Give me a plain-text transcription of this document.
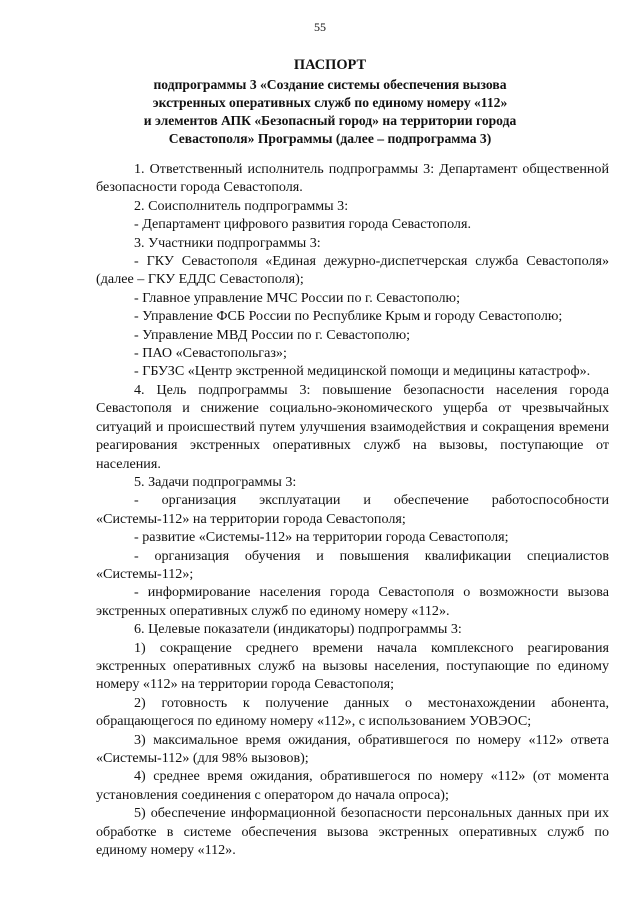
55
ПАСПОРТ
подпрограммы 3 «Создание системы обеспечения вызова
экстренных оперативных служб по единому номеру «112»
и элементов АПК «Безопасный город» на территории города
Севастополя» Программы (далее – подпрограмма 3)

1. Ответственный исполнитель подпрограммы 3: Департамент общественной безопасности города Севастополя.

2. Соисполнитель подпрограммы 3:

- Департамент цифрового развития города Севастополя.

3. Участники подпрограммы 3:

- ГКУ Севастополя «Единая дежурно-диспетчерская служба Севастополя» (далее – ГКУ ЕДДС Севастополя);

- Главное управление МЧС России по г. Севастополю;

- Управление ФСБ России по Республике Крым и городу Севастополю;

- Управление МВД России по г. Севастополю;

- ПАО «Севастопольгаз»;

- ГБУЗС «Центр экстренной медицинской помощи и медицины катастроф».

4. Цель подпрограммы 3: повышение безопасности населения города Севастополя и снижение социально-экономического ущерба от чрезвычайных ситуаций и происшествий путем улучшения взаимодействия и сокращения времени реагирования экстренных оперативных служб на вызовы, поступающие от населения.

5. Задачи подпрограммы 3:

- организация эксплуатации и обеспечение работоспособности «Системы-112» на территории города Севастополя;

- развитие «Системы-112» на территории города Севастополя;

- организация обучения и повышения квалификации специалистов «Системы-112»;

- информирование населения города Севастополя о возможности вызова экстренных оперативных служб по единому номеру «112».

6. Целевые показатели (индикаторы) подпрограммы 3:

1) сокращение среднего времени начала комплексного реагирования экстренных оперативных служб на вызовы населения, поступающие по единому номеру «112» на территории города Севастополя;

2) готовность к получение данных о местонахождении абонента, обращающегося по единому номеру «112», с использованием УОВЭОС;

3) максимальное время ожидания, обратившегося по номеру «112» ответа «Системы-112» (для 98% вызовов);

4) среднее время ожидания, обратившегося по номеру «112» (от момента установления соединения с оператором до начала опроса);

5) обеспечение информационной безопасности персональных данных при их обработке в системе обеспечения вызова экстренных оперативных служб по единому номеру «112».
